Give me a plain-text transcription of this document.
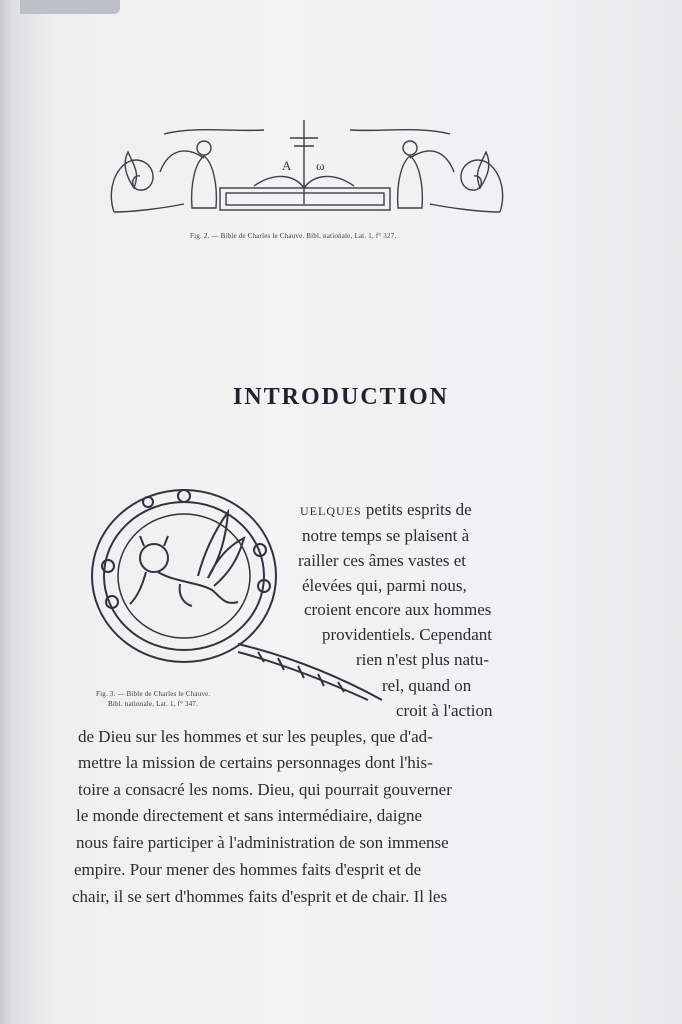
A ω
Fig. 2. — Bible de Charles le Chauve. Bibl. nationale, Lat. 1, f° 327.
INTRODUCTION
Fig. 3. — Bible de Charles le Chauve.
Bibl. nationale, Lat. 1, f° 347.
uelques petits esprits de
notre temps se plaisent à
railler ces âmes vastes et
élevées qui, parmi nous,
croient encore aux hommes
providentiels. Cependant
rien n'est plus natu-
rel, quand on
croit à l'action
de Dieu sur les hommes et sur les peuples, que d'ad-
mettre la mission de certains personnages dont l'his-
toire a consacré les noms. Dieu, qui pourrait gouverner
le monde directement et sans intermédiaire, daigne
nous faire participer à l'administration de son immense
empire. Pour mener des hommes faits d'esprit et de
chair, il se sert d'hommes faits d'esprit et de chair. Il les
